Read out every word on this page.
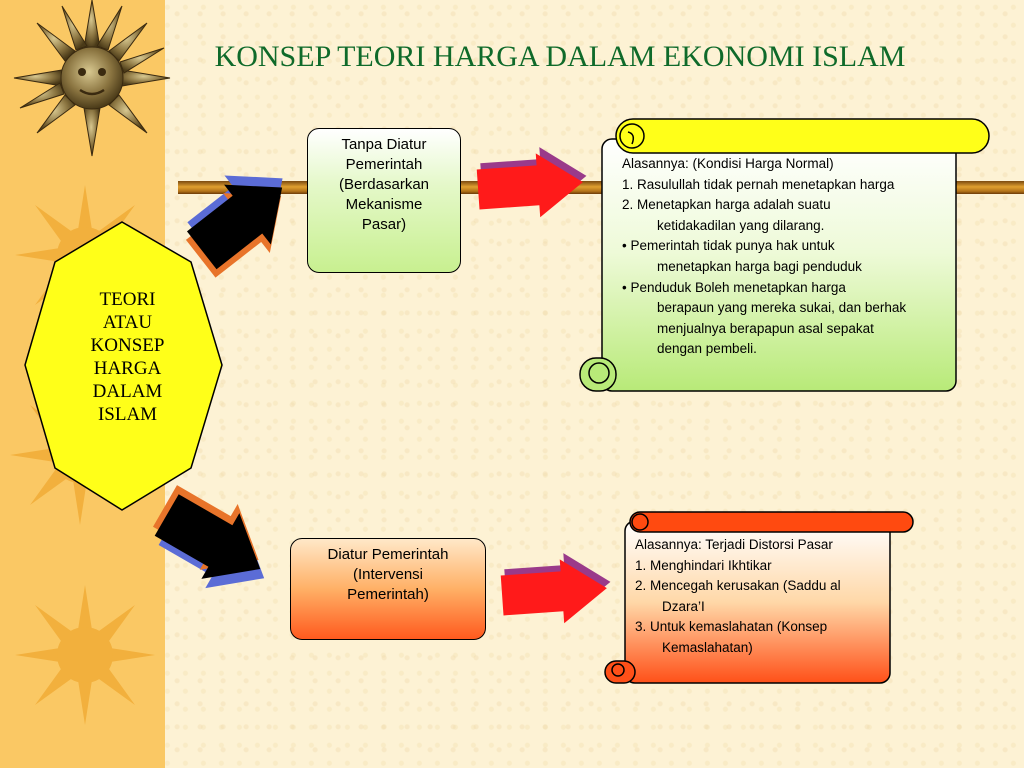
KONSEP TEORI HARGA DALAM EKONOMI ISLAM
TEORI
ATAU
KONSEP
HARGA
DALAM
ISLAM
Tanpa Diatur
Pemerintah
(Berdasarkan
Mekanisme
Pasar)
Diatur Pemerintah
(Intervensi
Pemerintah)
Alasannya: (Kondisi Harga Normal)
1. Rasulullah tidak pernah menetapkan harga
2. Menetapkan harga adalah suatu
ketidakadilan yang dilarang.
• Pemerintah tidak punya hak untuk
menetapkan harga bagi penduduk
• Penduduk Boleh menetapkan harga
berapaun yang mereka sukai, dan berhak
menjualnya berapapun asal sepakat
dengan pembeli.
Alasannya: Terjadi Distorsi Pasar
1. Menghindari Ikhtikar
2. Mencegah kerusakan (Saddu al
Dzara’I
3. Untuk kemaslahatan (Konsep
Kemaslahatan)
